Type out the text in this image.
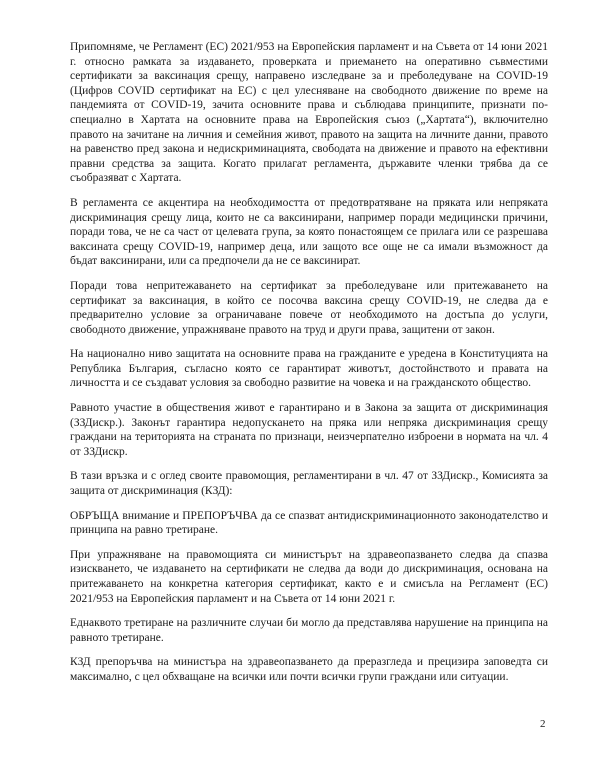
Припомняме, че Регламент (ЕС) 2021/953 на Европейския парламент и на Съвета от 14 юни 2021 г. относно рамката за издаването, проверката и приемането на оперативно съвместими сертификати за ваксинация срещу, направено изследване за и преболедуване на COVID-19 (Цифров COVID сертификат на ЕС) с цел улесняване на свободното движение по време на пандемията от COVID-19, зачита основните права и съблюдава принципите, признати по-специално в Хартата на основните права на Европейския съюз („Хартата“), включително правото на зачитане на личния и семейния живот, правото на защита на личните данни, правото на равенство пред закона и недискриминацията, свободата на движение и правото на ефективни правни средства за защита. Когато прилагат регламента, държавите членки трябва да се съобразяват с Хартата.

В регламента се акцентира на необходимостта от предотвратяване на пряката или непряката дискриминация срещу лица, които не са ваксинирани, например поради медицински причини, поради това, че не са част от целевата група, за която понастоящем се прилага или се разрешава ваксината срещу COVID-19, например деца, или защото все още не са имали възможност да бъдат ваксинирани, или са предпочели да не се ваксинират.

Поради това непритежаването на сертификат за преболедуване или притежаването на сертификат за ваксинация, в който се посочва ваксина срещу COVID-19, не следва да е предварително условие за ограничаване повече от необходимото на достъпа до услуги, свободното движение, упражняване правото на труд и други права, защитени от закон.

На национално ниво защитата на основните права на гражданите е уредена в Конституцията на Република България, съгласно която се гарантират животът, достойнството и правата на личността и се създават условия за свободно развитие на човека и на гражданското общество.

Равното участие в обществения живот е гарантирано и в Закона за защита от дискриминация (ЗЗДискр.). Законът гарантира недопускането на пряка или непряка дискриминация срещу граждани на територията на страната по признаци, неизчерпателно изброени в нормата на чл. 4 от ЗЗДискр.

В тази връзка и с оглед своите правомощия, регламентирани в чл. 47 от ЗЗДискр., Комисията за защита от дискриминация (КЗД):

ОБРЪЩА внимание и ПРЕПОРЪЧВА да се спазват антидискриминационното законодателство и принципа на равно третиране.

При упражняване на правомощията си министърът на здравеопазването следва да спазва изискването, че издаването на сертификати не следва да води до дискриминация, основана на притежаването на конкретна категория сертификат, както е и смисъла на Регламент (ЕС) 2021/953 на Европейския парламент и на Съвета от 14 юни 2021 г.

Еднаквото третиране на различните случаи би могло да представлява нарушение на принципа на равното третиране.

КЗД препоръчва на министъра на здравеопазването да преразгледа и прецизира заповедта си максимално, с цел обхващане на всички или почти всички групи граждани или ситуации.

2
